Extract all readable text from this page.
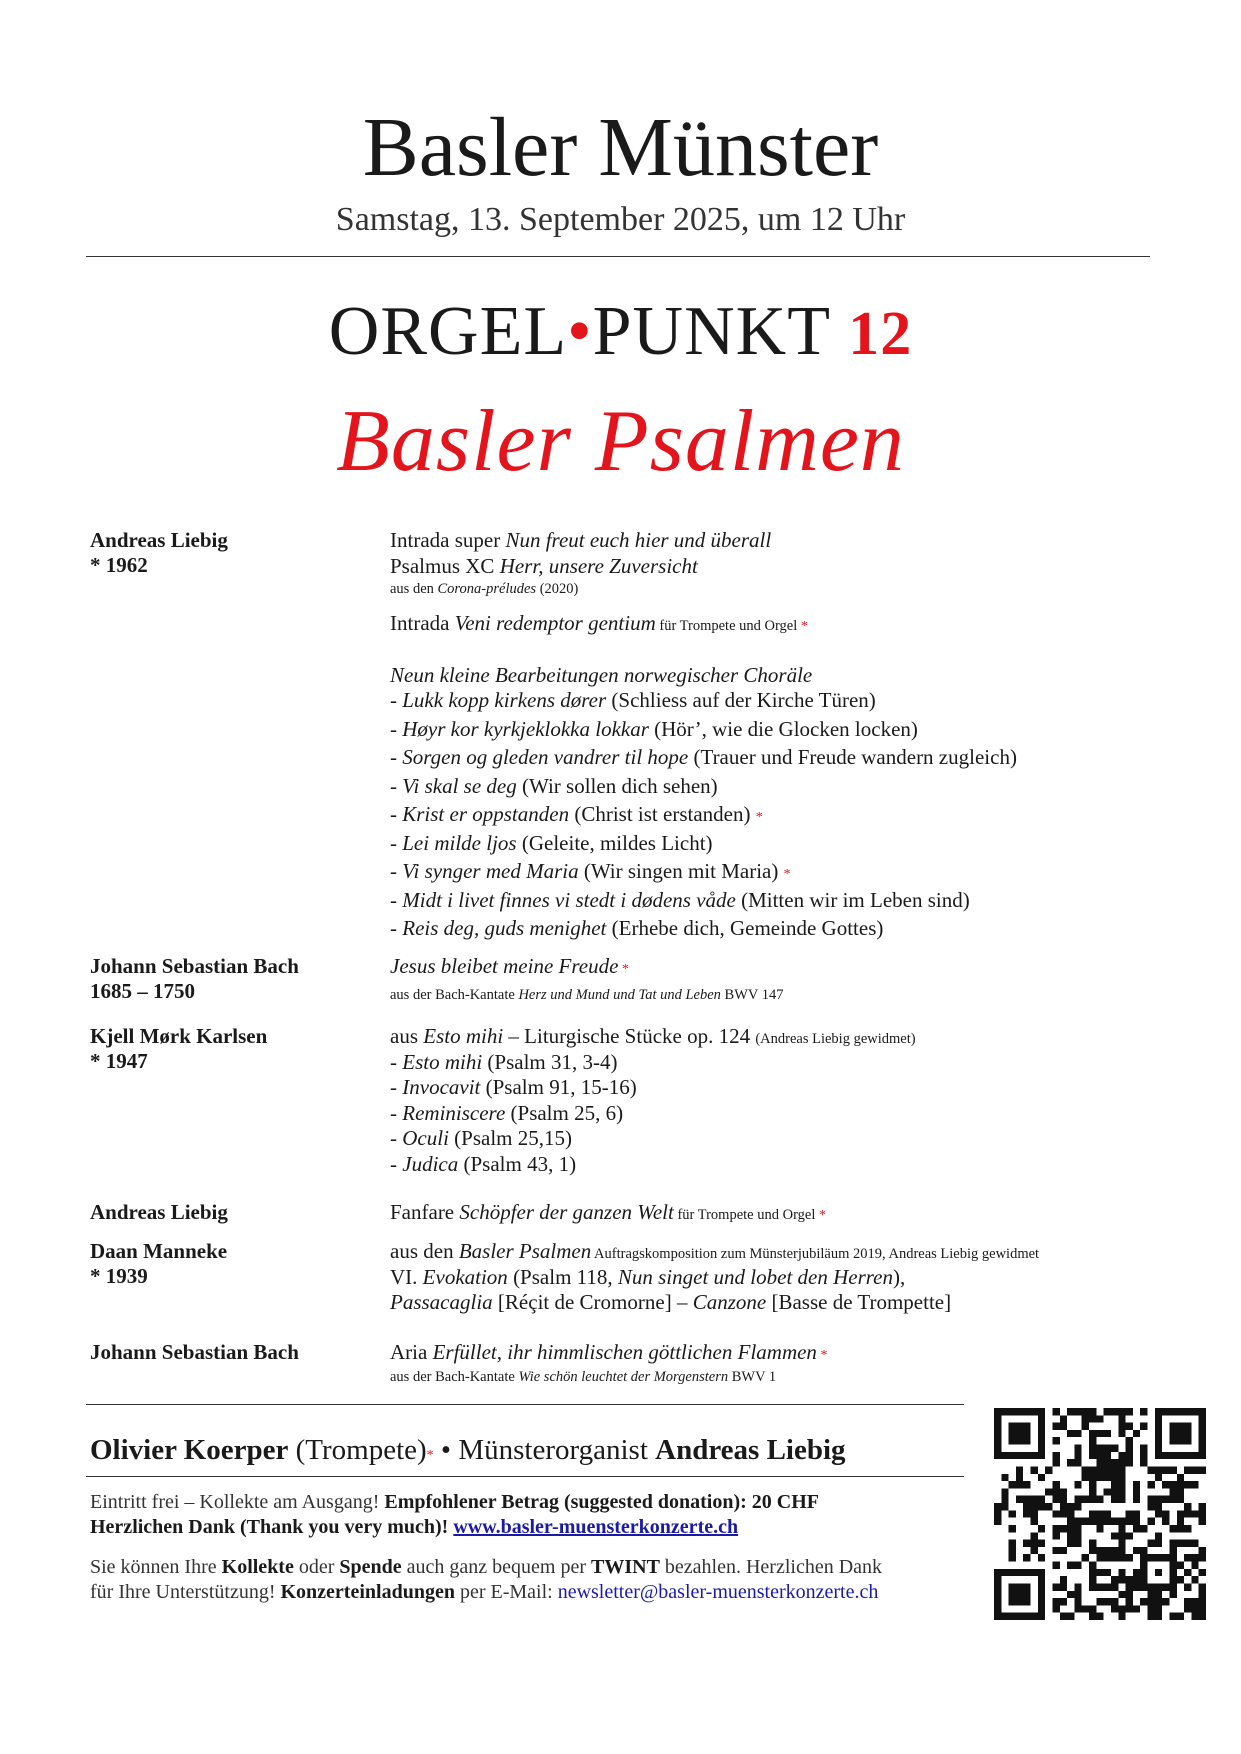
Basler Münster
Samstag, 13. September 2025, um 12 Uhr
ORGEL•PUNKT 12
Basler Psalmen
Andreas Liebig
* 1962
Intrada super Nun freut euch hier und überall
Psalmus XC Herr, unsere Zuversicht
aus den Corona-préludes (2020)
Intrada Veni redemptor gentium für Trompete und Orgel *
Neun kleine Bearbeitungen norwegischer Choräle
- Lukk kopp kirkens dører (Schliess auf der Kirche Türen)
- Høyr kor kyrkjeklokka lokkar (Hör’, wie die Glocken locken)
- Sorgen og gleden vandrer til hope (Trauer und Freude wandern zugleich)
- Vi skal se deg (Wir sollen dich sehen)
- Krist er oppstanden (Christ ist erstanden) *
- Lei milde ljos (Geleite, mildes Licht)
- Vi synger med Maria (Wir singen mit Maria) *
- Midt i livet finnes vi stedt i dødens våde (Mitten wir im Leben sind)
- Reis deg, guds menighet (Erhebe dich, Gemeinde Gottes)
Johann Sebastian Bach
1685 – 1750
Jesus bleibet meine Freude *
aus der Bach-Kantate Herz und Mund und Tat und Leben BWV 147
Kjell Mørk Karlsen
* 1947
aus Esto mihi – Liturgische Stücke op. 124 (Andreas Liebig gewidmet)
- Esto mihi (Psalm 31, 3-4)
- Invocavit (Psalm 91, 15-16)
- Reminiscere (Psalm 25, 6)
- Oculi (Psalm 25,15)
- Judica (Psalm 43, 1)
Andreas Liebig	Fanfare Schöpfer der ganzen Welt für Trompete und Orgel *
Daan Manneke
* 1939
aus den Basler Psalmen Auftragskomposition zum Münsterjubiläum 2019, Andreas Liebig gewidmet
VI. Evokation (Psalm 118, Nun singet und lobet den Herren),
Passacaglia [Réçit de Cromorne] – Canzone [Basse de Trompette]
Johann Sebastian Bach	Aria Erfüllet, ihr himmlischen göttlichen Flammen *
aus der Bach-Kantate Wie schön leuchtet der Morgenstern BWV 1
Olivier Koerper (Trompete)* • Münsterorganist Andreas Liebig
Eintritt frei – Kollekte am Ausgang! Empfohlener Betrag (suggested donation): 20 CHF
Herzlichen Dank (Thank you very much)! www.basler-muensterkonzerte.ch
Sie können Ihre Kollekte oder Spende auch ganz bequem per TWINT bezahlen. Herzlichen Dank
für Ihre Unterstützung! Konzerteinladungen per E-Mail: newsletter@basler-muensterkonzerte.ch
